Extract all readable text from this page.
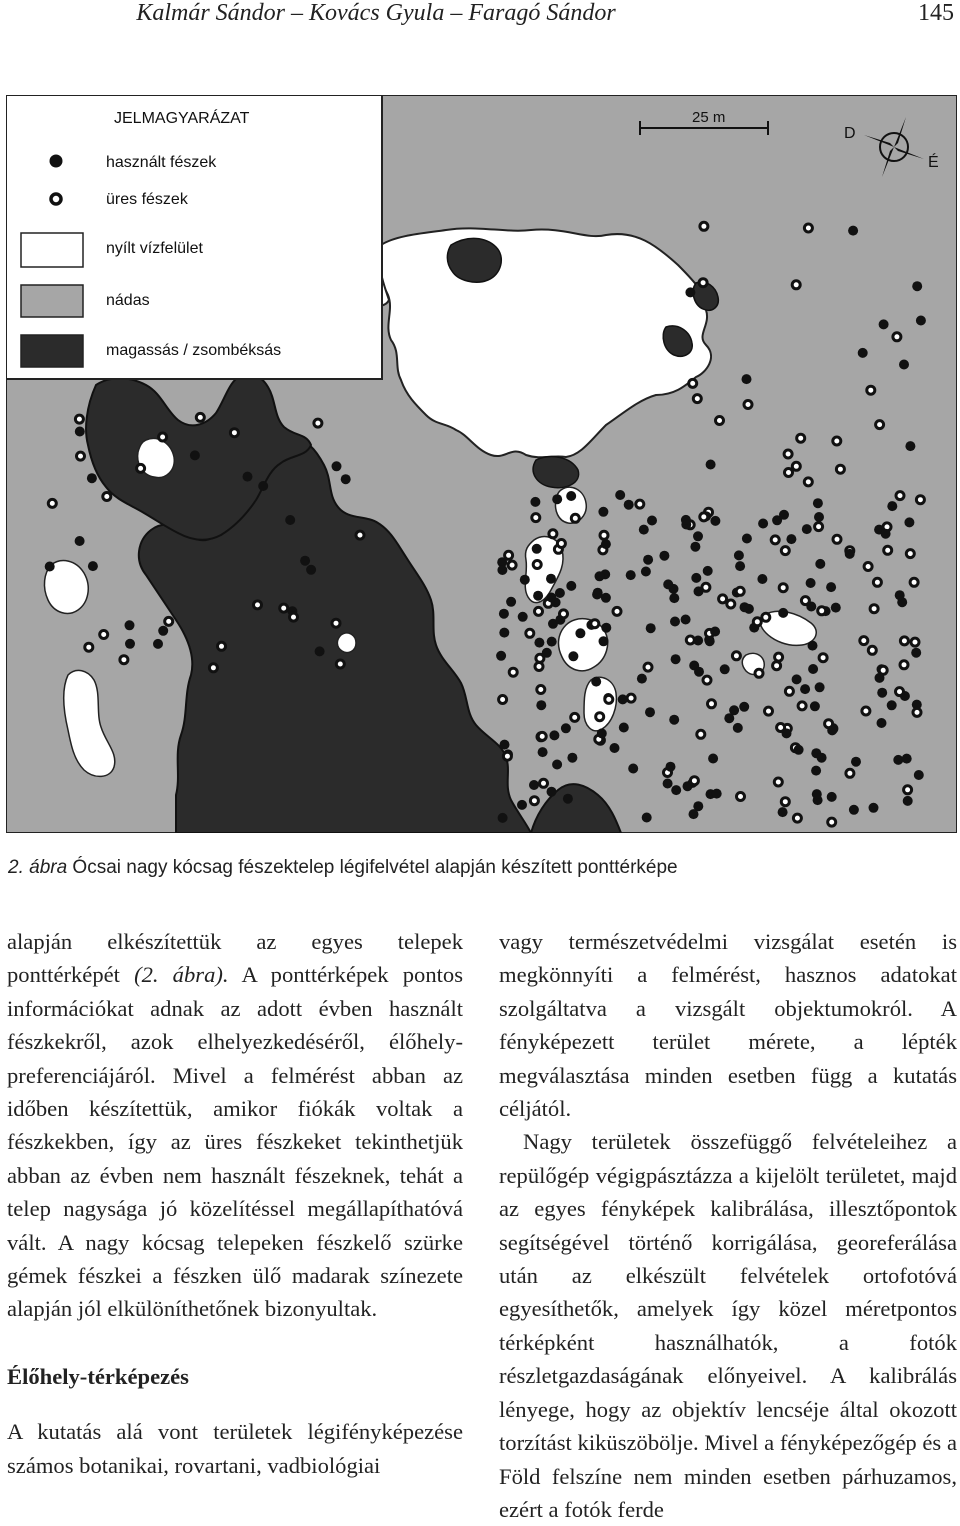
Kalmár Sándor – Kovács Gyula – Faragó Sándor	145
JELMAGYARÁZAT
használt fészek
üres fészek
nyílt vízfelület
nádas
magassás / zsombéksás
25 m
D
É
2. ábra Ócsai nagy kócsag fészektelep légifelvétel alapján készített ponttérképe

alapján elkészítettük az egyes telepek ponttérképét (2. ábra). A ponttérképek pontos információkat adnak az adott évben használt fészkekről, azok elhelyezkedéséről, élőhely-preferenciájáról. Mivel a felmérést abban az időben készítettük, amikor fiókák voltak a fészkekben, így az üres fészkeket tekinthetjük abban az évben nem használt fészeknek, tehát a telep nagysága jó közelítéssel megállapíthatóvá vált. A nagy kócsag telepeken fészkelő szürke gémek fészkei a fészken ülő madarak színezete alapján jól elkülöníthetőnek bizonyultak.

Élőhely-térképezés

A kutatás alá vont területek légifényképezése számos botanikai, rovartani, vadbiológiai

vagy természetvédelmi vizsgálat esetén is megkönnyíti a felmérést, hasznos adatokat szolgáltatva a vizsgált objektumokról. A fényképezett terület mérete, a lépték megválasztása minden esetben függ a kutatás céljától.

Nagy területek összefüggő felvételeihez a repülőgép végigpásztázza a kijelölt területet, majd az egyes fényképek kalibrálása, illesztőpontok segítségével történő korrigálása, georeferálása után az elkészült felvételek ortofotóvá egyesíthetők, amelyek így közel méretpontos térképként használhatók, a fotók részletgazdaságának előnyeivel. A kalibrálás lényege, hogy az objektív lencséje által okozott torzítást kiküszöbölje. Mivel a fényképezőgép és a Föld felszíne nem minden esetben párhuzamos, ezért a fotók ferde
